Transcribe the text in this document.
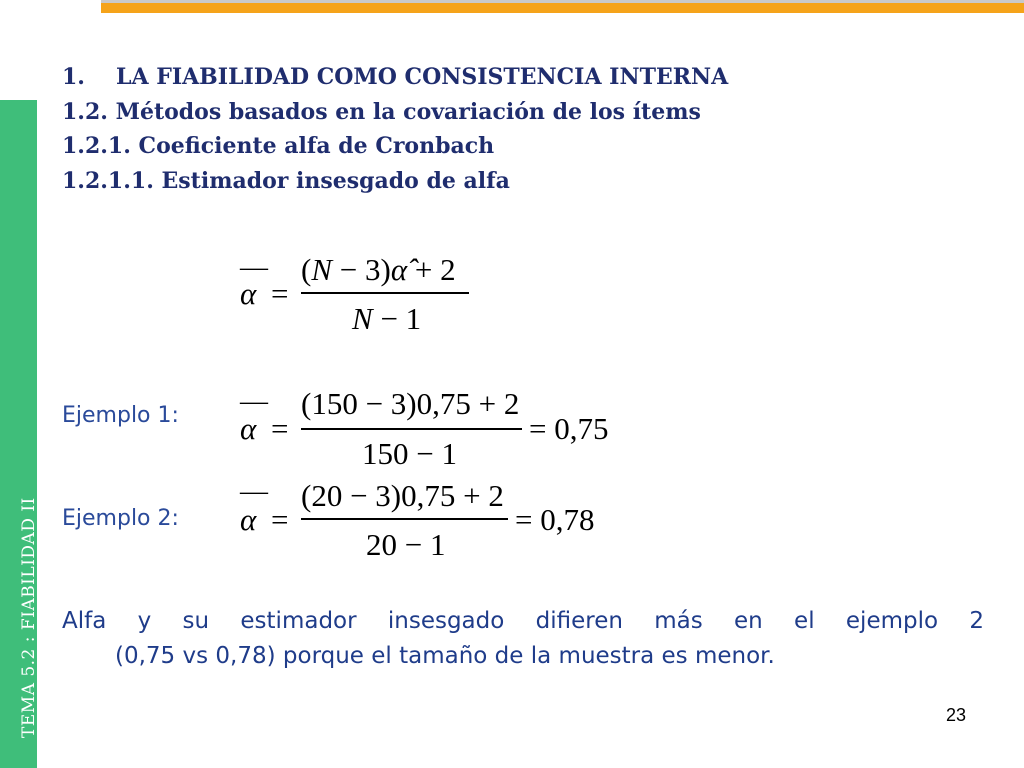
TEMA 5.2 : FIABILIDAD II
1. LA FIABILIDAD COMO CONSISTENCIA INTERNA
1.2. Métodos basados en la covariación de los ítems
1.2.1. Coeficiente alfa de Cronbach
1.2.1.1. Estimador insesgado de alfa
—
α =
(N − 3)α̂ + 2
N − 1
Ejemplo 1: —
α =
(150 − 3)0,75 + 2
150 − 1
= 0,75
Ejemplo 2:
—
α =
(20 − 3)0,75 + 2
20 − 1
= 0,78
Alfa y su estimador insesgado difieren más en el ejemplo 2
(0,75 vs 0,78) porque el tamaño de la muestra es menor.
23
